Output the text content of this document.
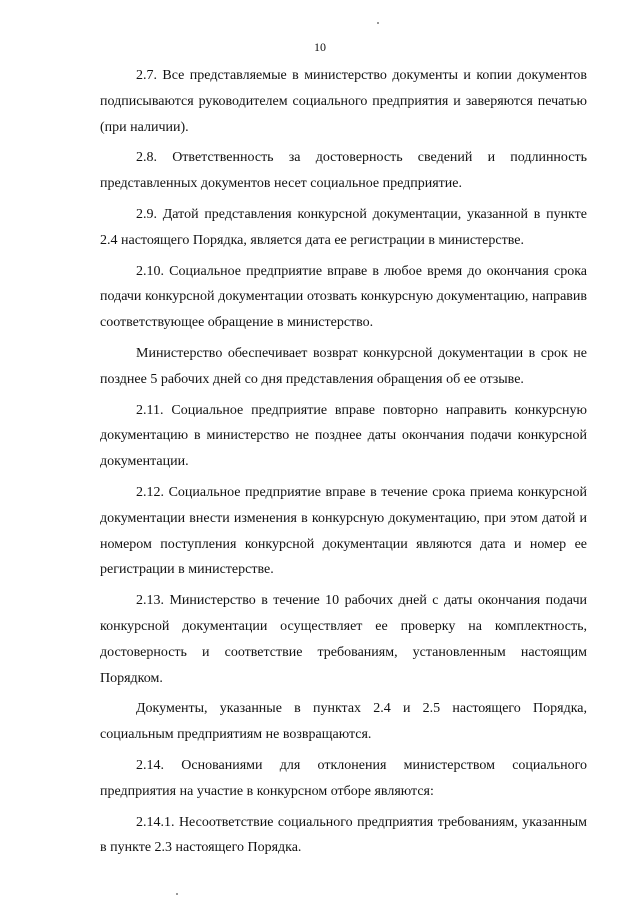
10

2.7. Все представляемые в министерство документы и копии документов подписываются руководителем социального предприятия и заверяются печатью (при наличии).

2.8. Ответственность за достоверность сведений и подлинность представленных документов несет социальное предприятие.

2.9. Датой представления конкурсной документации, указанной в пункте 2.4 настоящего Порядка, является дата ее регистрации в министерстве.

2.10. Социальное предприятие вправе в любое время до окончания срока подачи конкурсной документации отозвать конкурсную документацию, направив соответствующее обращение в министерство.

Министерство обеспечивает возврат конкурсной документации в срок не позднее 5 рабочих дней со дня представления обращения об ее отзыве.

2.11. Социальное предприятие вправе повторно направить конкурсную документацию в министерство не позднее даты окончания подачи конкурсной документации.

2.12. Социальное предприятие вправе в течение срока приема конкурсной документации внести изменения в конкурсную документацию, при этом датой и номером поступления конкурсной документации являются дата и номер ее регистрации в министерстве.

2.13. Министерство в течение 10 рабочих дней с даты окончания подачи конкурсной документации осуществляет ее проверку на комплектность, достоверность и соответствие требованиям, установленным настоящим Порядком.

Документы, указанные в пунктах 2.4 и 2.5 настоящего Порядка, социальным предприятиям не возвращаются.

2.14. Основаниями для отклонения министерством социального предприятия на участие в конкурсном отборе являются:

2.14.1. Несоответствие социального предприятия требованиям, указанным в пункте 2.3 настоящего Порядка.
